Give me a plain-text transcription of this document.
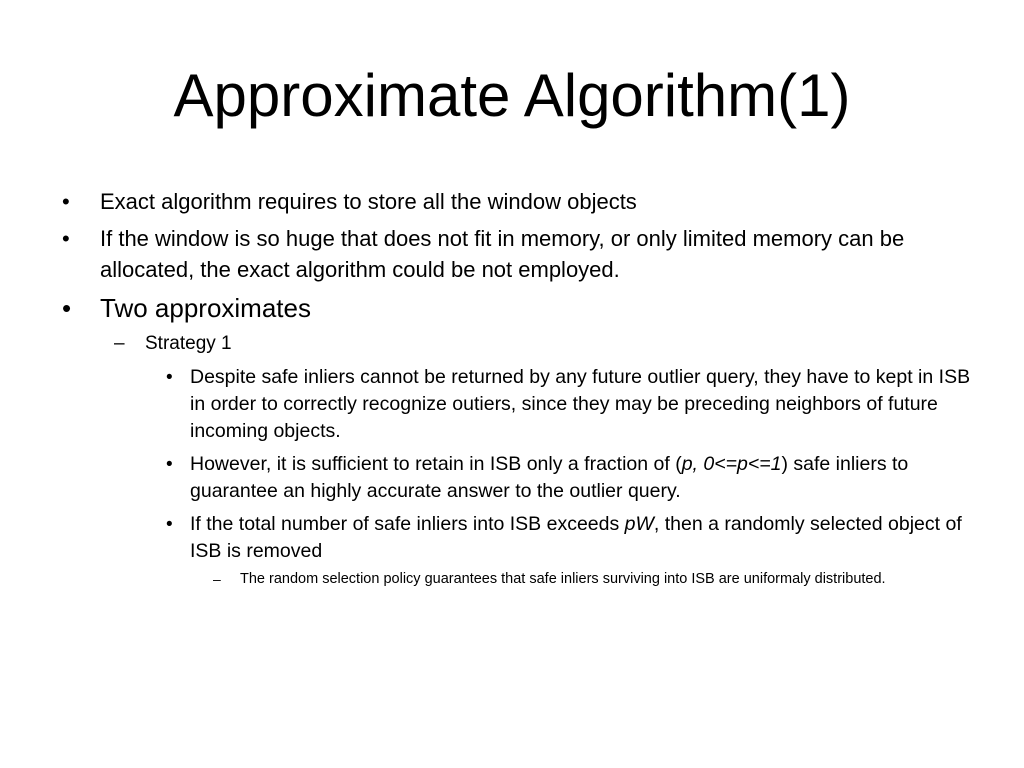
Approximate Algorithm(1)
• Exact algorithm requires to store all the window objects
• If the window is so huge that does not fit in memory, or only limited memory can be allocated, the exact algorithm could be not employed.
• Two approximates
– Strategy 1
• Despite safe inliers cannot be returned by any future outlier query, they have to kept in ISB in order to correctly recognize outiers, since they may be preceding neighbors of future incoming objects.
• However, it is sufficient to retain in ISB only a fraction of (p, 0<=p<=1) safe inliers to guarantee an highly accurate answer to the outlier query.
• If the total number of safe inliers into ISB exceeds pW, then a randomly selected object of ISB is removed
– The random selection policy guarantees that safe inliers surviving into ISB are uniformaly distributed.
